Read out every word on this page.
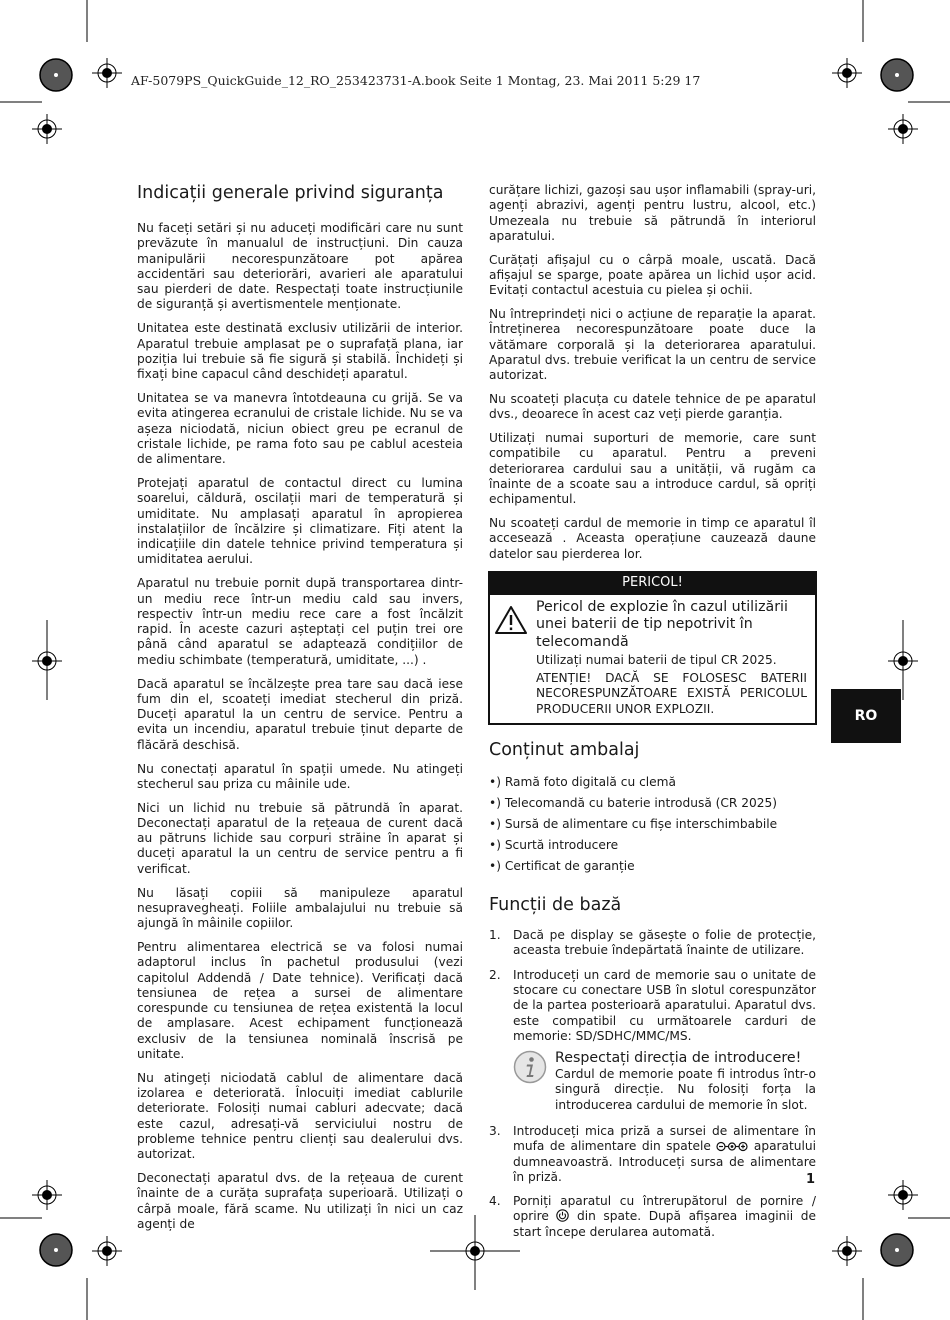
AF-5079PS_QuickGuide_12_RO_253423731-A.book Seite 1 Montag, 23. Mai 2011 5:29 17
Indicații generale privind siguranța

Nu faceți setări și nu aduceți modificări care nu sunt prevăzute în manualul de instrucțiuni. Din cauza manipulării necorespunzătoare pot apărea accidentări sau deteriorări, avarieri ale aparatului sau pierderi de date. Respectați toate instrucțiunile de siguranță și avertismentele menționate.

Unitatea este destinată exclusiv utilizării de interior. Aparatul trebuie amplasat pe o suprafață plana, iar poziția lui trebuie să fie sigură și stabilă. Închideți și fixați bine capacul când deschideți aparatul.

Unitatea se va manevra întotdeauna cu grijă. Se va evita atingerea ecranului de cristale lichide. Nu se va așeza niciodată, niciun obiect greu pe ecranul de cristale lichide, pe rama foto sau pe cablul acesteia de alimentare.

Protejați aparatul de contactul direct cu lumina soarelui, căldură, oscilații mari de temperatură și umiditate. Nu amplasați aparatul în apropierea instalațiilor de încălzire și climatizare. Fiți atent la indicațiile din datele tehnice privind temperatura și umiditatea aerului.

Aparatul nu trebuie pornit după transportarea dintr-un mediu rece într-un mediu cald sau invers, respectiv într-un mediu rece care a fost încălzit rapid. În aceste cazuri așteptați cel puțin trei ore până când aparatul se adaptează condițiilor de mediu schimbate (temperatură, umiditate, ...) .

Dacă aparatul se încălzește prea tare sau dacă iese fum din el, scoateți imediat stecherul din priză. Duceți aparatul la un centru de service. Pentru a evita un incendiu, aparatul trebuie ținut departe de flăcără deschisă.

Nu conectați aparatul în spații umede. Nu atingeți stecherul sau priza cu mâinile ude.

Nici un lichid nu trebuie să pătrundă în aparat. Deconectați aparatul de la rețeaua de curent dacă au pătruns lichide sau corpuri străine în aparat și duceți aparatul la un centru de service pentru a fi verificat.

Nu lăsați copiii să manipuleze aparatul nesupravegheați. Foliile ambalajului nu trebuie să ajungă în mâinile copiilor.

Pentru alimentarea electrică se va folosi numai adaptorul inclus în pachetul produsului (vezi capitolul Addendă / Date tehnice). Verificați dacă tensiunea de rețea a sursei de alimentare corespunde cu tensiunea de rețea existentă la locul de amplasare. Acest echipament funcționează exclusiv de la tensiunea nominală înscrisă pe unitate.

Nu atingeți niciodată cablul de alimentare dacă izolarea e deteriorată. Înlocuiți imediat cablurile deteriorate. Folosiți numai cabluri adecvate; dacă este cazul, adresați-vă serviciului nostru de probleme tehnice pentru clienți sau dealerului dvs. autorizat.

Deconectați aparatul dvs. de la rețeaua de curent înainte de a curăța suprafața superioară. Utilizați o cârpă moale, fără scame. Nu utilizați în nici un caz agenți de

curățare lichizi, gazoși sau ușor inflamabili (spray-uri, agenți abrazivi, agenți pentru lustru, alcool, etc.) Umezeala nu trebuie să pătrundă în interiorul aparatului.

Curățați afișajul cu o cârpă moale, uscată. Dacă afișajul se sparge, poate apărea un lichid ușor acid. Evitați contactul acestuia cu pielea și ochii.

Nu întreprindeți nici o acțiune de reparație la aparat. Întreținerea necorespunzătoare poate duce la vătămare corporală și la deteriorarea aparatului. Aparatul dvs. trebuie verificat la un centru de service autorizat.

Nu scoateți placuța cu datele tehnice de pe aparatul dvs., deoarece în acest caz veți pierde garanția.

Utilizați numai suporturi de memorie, care sunt compatibile cu aparatul. Pentru a preveni deteriorarea cardului sau a unității, vă rugăm ca înainte de a scoate sau a introduce cardul, să opriți echipamentul.

Nu scoateți cardul de memorie in timp ce aparatul îl accesează . Aceasta operațiune cauzează daune datelor sau pierderea lor.

PERICOL!
Pericol de explozie în cazul utilizării unei baterii de tip nepotrivit în telecomandă
Utilizați numai baterii de tipul CR 2025.
ATENȚIE! DACĂ SE FOLOSESC BATERII NECORESPUNZĂTOARE EXISTĂ PERICOLUL PRODUCERII UNOR EXPLOZII.
Conținut ambalaj
•) Ramă foto digitală cu clemă
•) Telecomandă cu baterie introdusă (CR 2025)
•) Sursă de alimentare cu fișe interschimbabile
•) Scurtă introducere
•) Certificat de garanție
Funcții de bază
1.	Dacă pe display se găsește o folie de protecție, aceasta trebuie îndepărtată înainte de utilizare.
2.	Introduceți un card de memorie sau o unitate de stocare cu conectare USB în slotul corespunzător de la partea posterioară aparatului. Aparatul dvs. este compatibil cu următoarele carduri de memorie: SD/SDHC/MMC/MS.
Respectați direcția de introducere!
Cardul de memorie poate fi introdus într-o singură direcție. Nu folosiți forța la introducerea cardului de memorie în slot.
3.	Introduceți mica priză a sursei de alimentare în mufa de alimentare din spatele	aparatului dumneavoastră. Introduceți sursa de alimentare în priză.
4.	Porniți aparatul cu întrerupătorul de pornire / oprire din spate. După afișarea imaginii de start începe derularea automată.
RO
1
